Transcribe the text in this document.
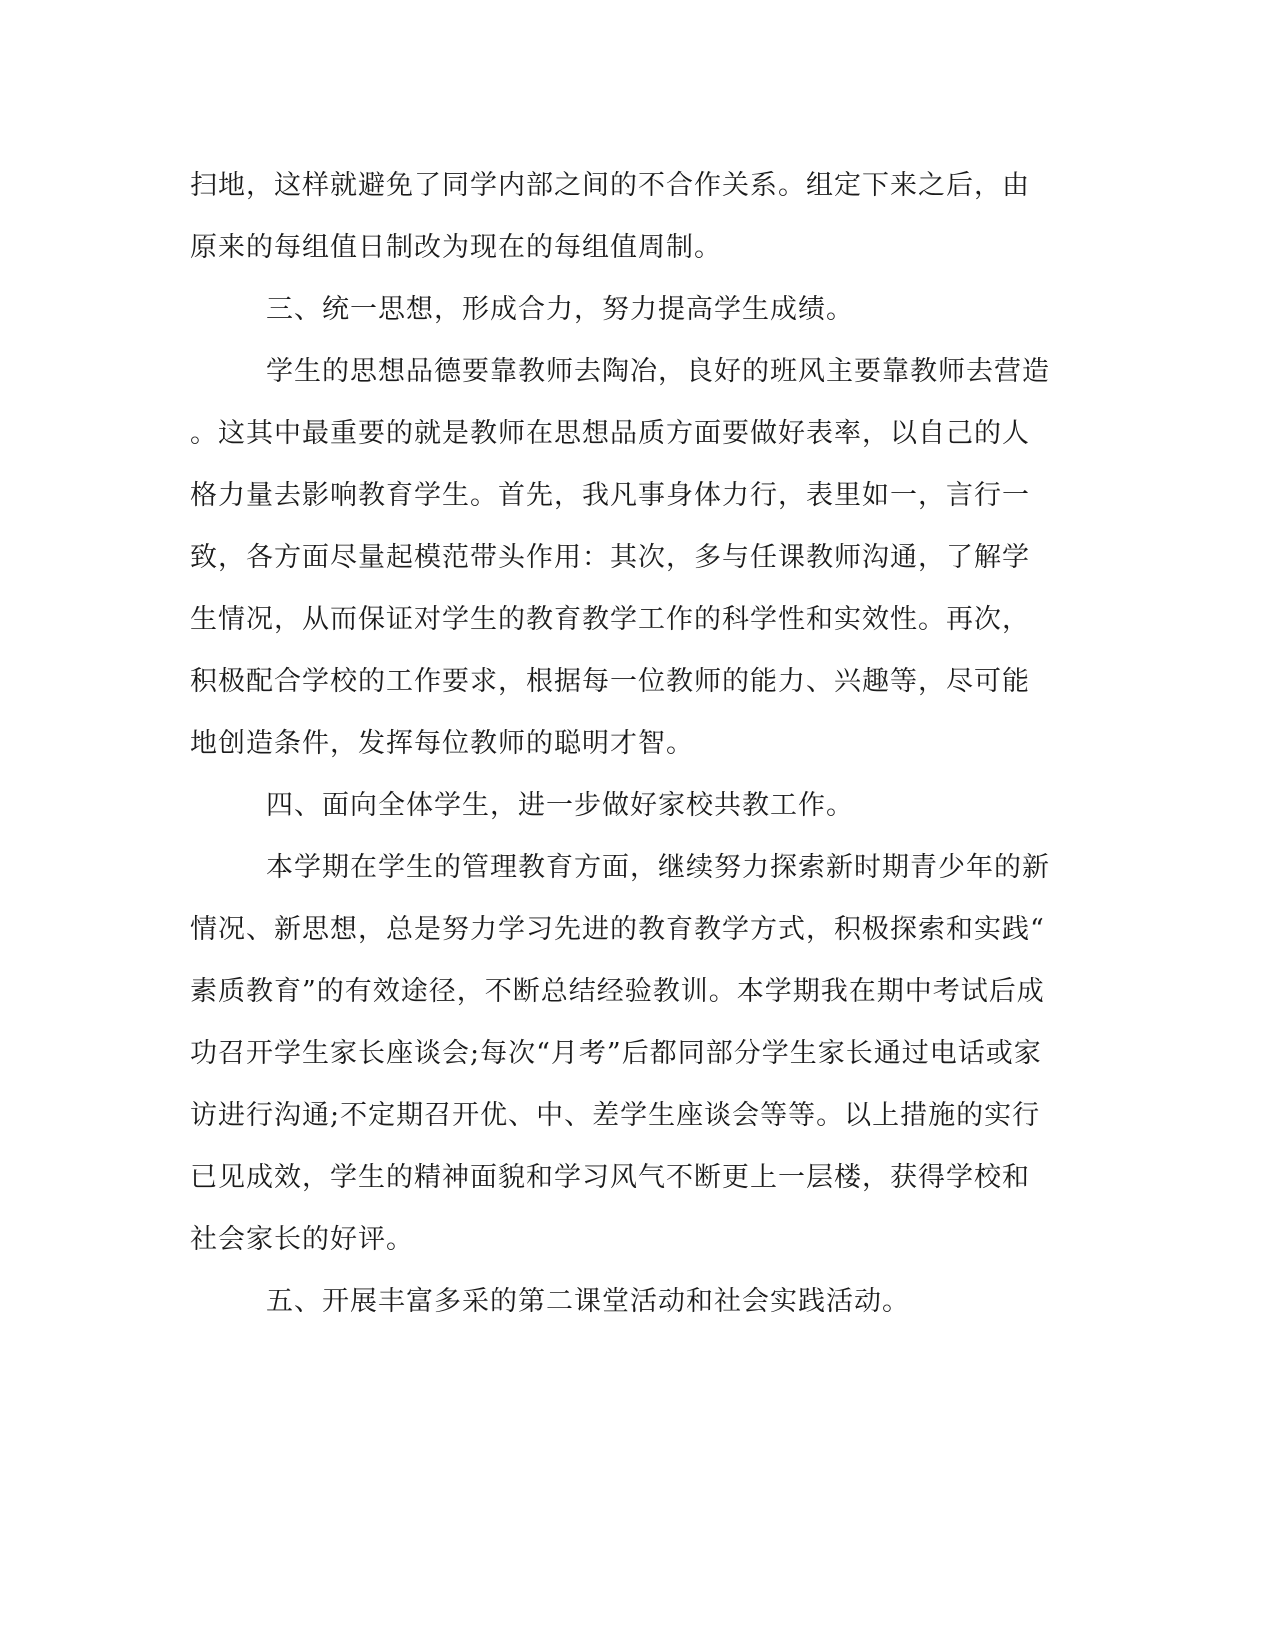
扫地，这样就避免了同学内部之间的不合作关系。组定下来之后，由
原来的每组值日制改为现在的每组值周制。
三、统一思想，形成合力，努力提高学生成绩。
学生的思想品德要靠教师去陶冶，良好的班风主要靠教师去营造
。这其中最重要的就是教师在思想品质方面要做好表率，以自己的人
格力量去影响教育学生。首先，我凡事身体力行，表里如一，言行一
致，各方面尽量起模范带头作用：其次，多与任课教师沟通，了解学
生情况，从而保证对学生的教育教学工作的科学性和实效性。再次，
积极配合学校的工作要求，根据每一位教师的能力、兴趣等，尽可能
地创造条件，发挥每位教师的聪明才智。
四、面向全体学生，进一步做好家校共教工作。
本学期在学生的管理教育方面，继续努力探索新时期青少年的新
情况、新思想，总是努力学习先进的教育教学方式，积极探索和实践“
素质教育”的有效途径，不断总结经验教训。本学期我在期中考试后成
功召开学生家长座谈会;每次“月考”后都同部分学生家长通过电话或家
访进行沟通;不定期召开优、中、差学生座谈会等等。以上措施的实行
已见成效，学生的精神面貌和学习风气不断更上一层楼，获得学校和
社会家长的好评。
五、开展丰富多采的第二课堂活动和社会实践活动。
